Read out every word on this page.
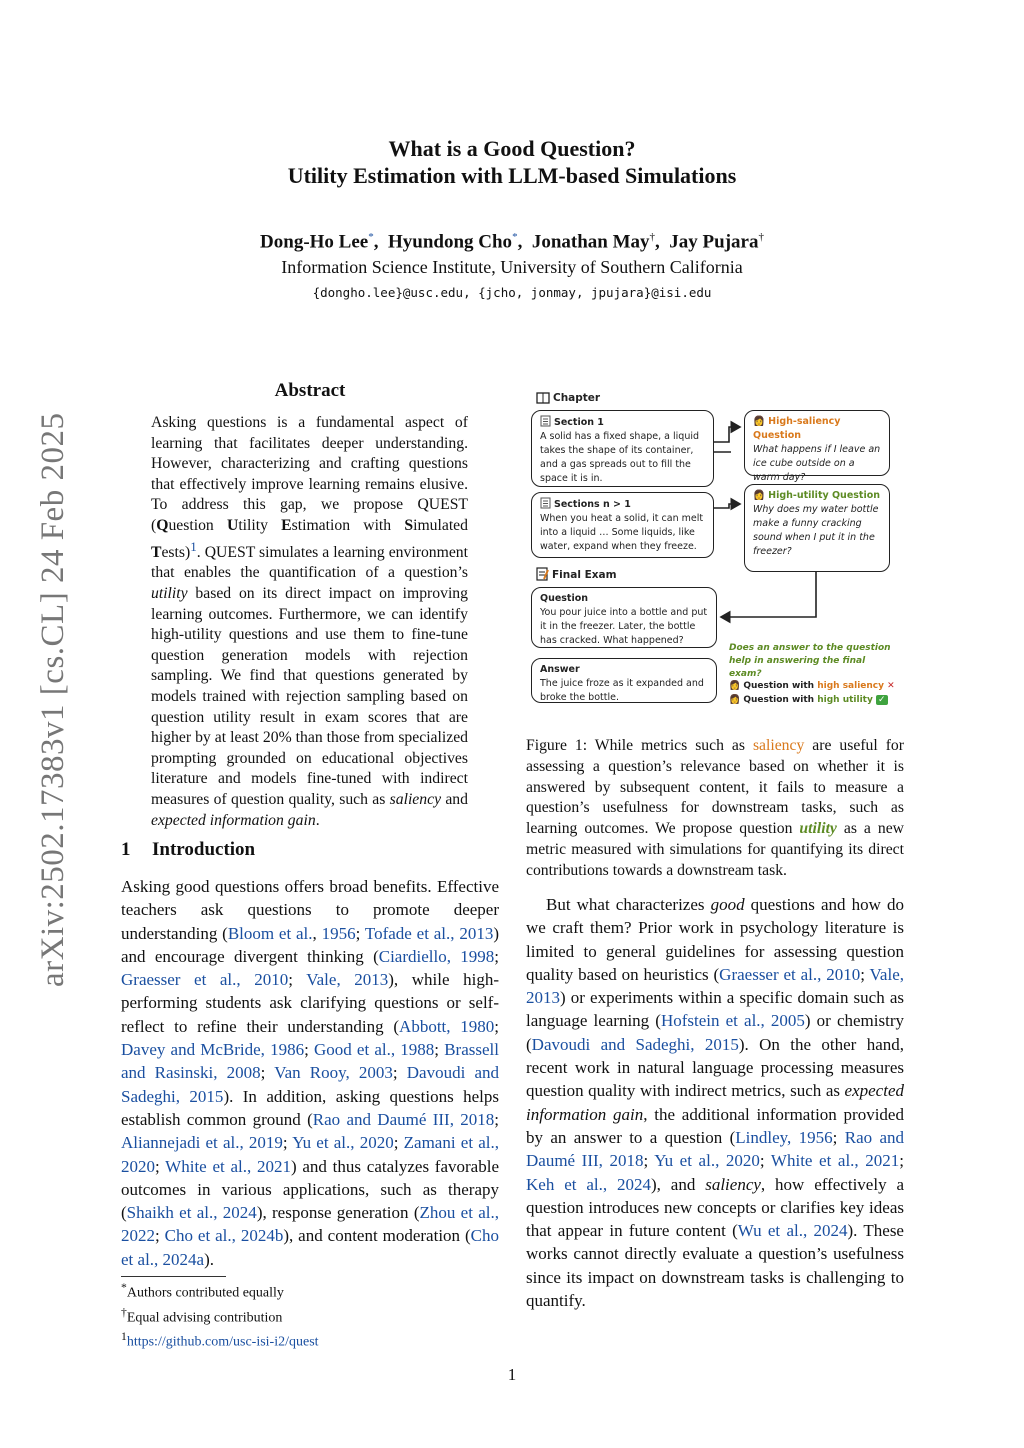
arXiv:2502.17383v1 [cs.CL] 24 Feb 2025
What is a Good Question?
Utility Estimation with LLM-based Simulations
Dong-Ho Lee*,  Hyundong Cho*,  Jonathan May†,  Jay Pujara†
Information Science Institute, University of Southern California
{dongho.lee}@usc.edu, {jcho, jonmay, jpujara}@isi.edu
Abstract
Asking questions is a fundamental aspect of learning that facilitates deeper understanding. However, characterizing and crafting questions that effectively improve learning remains elusive. To address this gap, we propose QUEST (Question Utility Estimation with Simulated Tests)$^1$. QUEST simulates a learning environment that enables the quantification of a question’s utility based on its direct impact on improving learning outcomes. Furthermore, we can identify high-utility questions and use them to fine-tune question generation models with rejection sampling. We find that questions generated by models trained with rejection sampling based on question utility result in exam scores that are higher by at least 20% than those from specialized prompting grounded on educational objectives literature and models fine-tuned with indirect measures of question quality, such as saliency and expected information gain.
1 Introduction
Asking good questions offers broad benefits. Effective teachers ask questions to promote deeper understanding (Bloom et al., 1956; Tofade et al., 2013) and encourage divergent thinking (Ciardiello, 1998; Graesser et al., 2010; Vale, 2013), while high-performing students ask clarifying questions or self-reflect to refine their understanding (Abbott, 1980; Davey and McBride, 1986; Good et al., 1988; Brassell and Rasinski, 2008; Van Rooy, 2003; Davoudi and Sadeghi, 2015). In addition, asking questions helps establish common ground (Rao and Daumé III, 2018; Aliannejadi et al., 2019; Yu et al., 2020; Zamani et al., 2020; White et al., 2021) and thus catalyzes favorable outcomes in various applications, such as therapy (Shaikh et al., 2024), response generation (Zhou et al., 2022; Cho et al., 2024b), and content moderation (Cho et al., 2024a).
*Authors contributed equally
†Equal advising contribution
$^1$https://github.com/usc-isi-i2/quest
Chapter
Section 1
A solid has a fixed shape, a liquid takes the shape of its container, and a gas spreads out to fill the space it is in.
Sections n > 1
When you heat a solid, it can melt into a liquid … Some liquids, like water, expand when they freeze.
Final Exam
Question
You pour juice into a bottle and put it in the freezer. Later, the bottle has cracked. What happened?
Answer
The juice froze as it expanded and broke the bottle.
👩 High-saliency Question
What happens if I leave an ice cube outside on a warm day?
👩 High-utility Question
Why does my water bottle make a funny cracking sound when I put it in the freezer?
Does an answer to the question help in answering the final exam?
👩 Question with high saliency ✕
👩 Question with high utility ✓
Figure 1: While metrics such as saliency are useful for assessing a question’s relevance based on whether it is answered by subsequent content, it fails to measure a question’s usefulness for downstream tasks, such as learning outcomes. We propose question utility as a new metric measured with simulations for quantifying its direct contributions towards a downstream task.
But what characterizes good questions and how do we craft them? Prior work in psychology literature is limited to general guidelines for assessing question quality based on heuristics (Graesser et al., 2010; Vale, 2013) or experiments within a specific domain such as language learning (Hofstein et al., 2005) or chemistry (Davoudi and Sadeghi, 2015). On the other hand, recent work in natural language processing measures question quality with indirect metrics, such as expected information gain, the additional information provided by an answer to a question (Lindley, 1956; Rao and Daumé III, 2018; Yu et al., 2020; White et al., 2021; Keh et al., 2024), and saliency, how effectively a question introduces new concepts or clarifies key ideas that appear in future content (Wu et al., 2024). These works cannot directly evaluate a question’s usefulness since its impact on downstream tasks is challenging to quantify.
1
